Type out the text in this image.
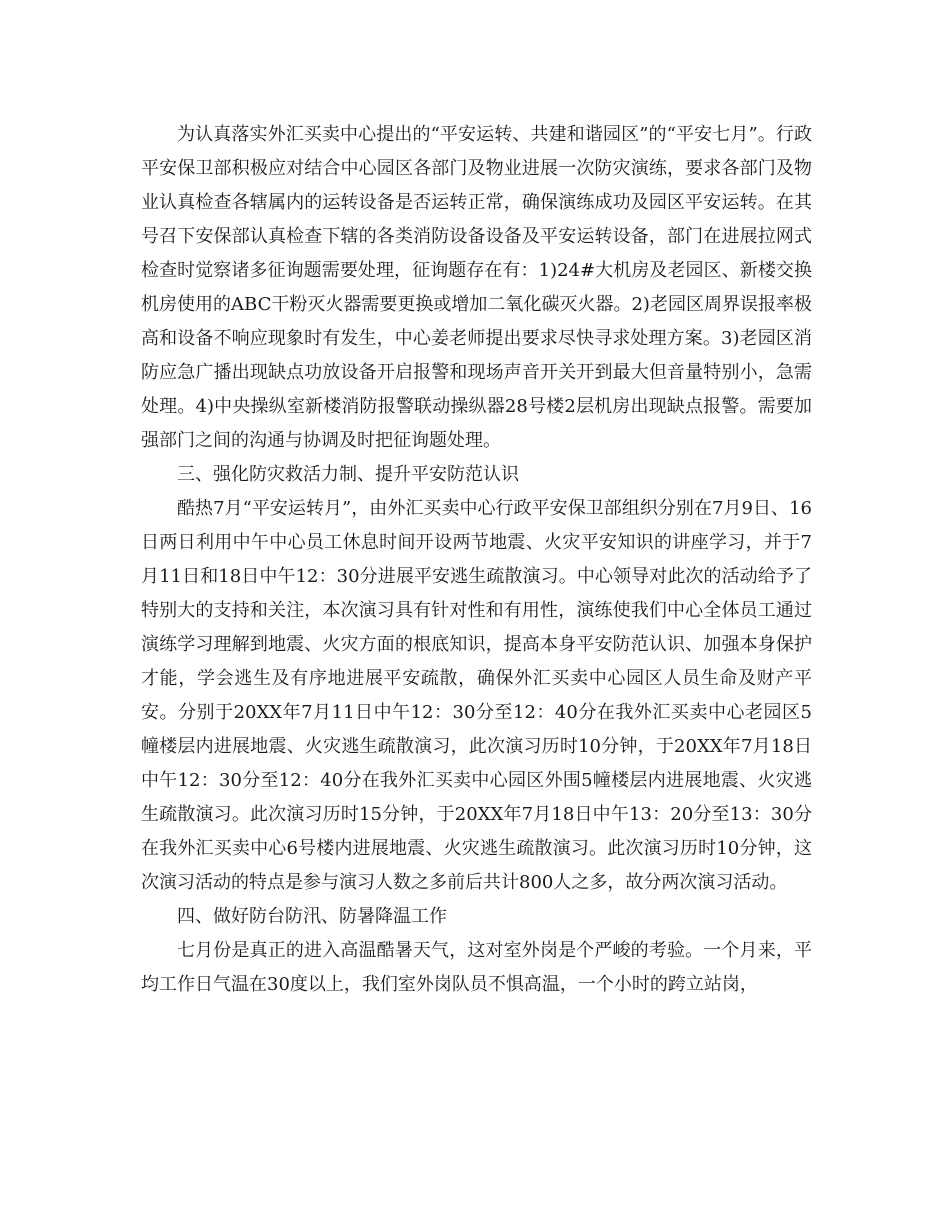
为认真落实外汇买卖中心提出的“平安运转、共建和谐园区”的“平安七月”。行政平安保卫部积极应对结合中心园区各部门及物业进展一次防灾演练，要求各部门及物业认真检查各辖属内的运转设备是否运转正常，确保演练成功及园区平安运转。在其号召下安保部认真检查下辖的各类消防设备设备及平安运转设备，部门在进展拉网式检查时觉察诸多征询题需要处理，征询题存在有：1)24#大机房及老园区、新楼交换机房使用的ABC干粉灭火器需要更换或增加二氧化碳灭火器。2)老园区周界误报率极高和设备不响应现象时有发生，中心姜老师提出要求尽快寻求处理方案。3)老园区消防应急广播出现缺点功放设备开启报警和现场声音开关开到最大但音量特别小，急需处理。4)中央操纵室新楼消防报警联动操纵器28号楼2层机房出现缺点报警。需要加强部门之间的沟通与协调及时把征询题处理。

三、强化防灾救活力制、提升平安防范认识

酷热7月“平安运转月”，由外汇买卖中心行政平安保卫部组织分别在7月9日、16日两日利用中午中心员工休息时间开设两节地震、火灾平安知识的讲座学习，并于7月11日和18日中午12：30分进展平安逃生疏散演习。中心领导对此次的活动给予了特别大的支持和关注，本次演习具有针对性和有用性，演练使我们中心全体员工通过演练学习理解到地震、火灾方面的根底知识，提高本身平安防范认识、加强本身保护才能，学会逃生及有序地进展平安疏散，确保外汇买卖中心园区人员生命及财产平安。分别于20XX年7月11日中午12：30分至12：40分在我外汇买卖中心老园区5幢楼层内进展地震、火灾逃生疏散演习，此次演习历时10分钟，于20XX年7月18日中午12：30分至12：40分在我外汇买卖中心园区外围5幢楼层内进展地震、火灾逃生疏散演习。此次演习历时15分钟，于20XX年7月18日中午13：20分至13：30分在我外汇买卖中心6号楼内进展地震、火灾逃生疏散演习。此次演习历时10分钟，这次演习活动的特点是参与演习人数之多前后共计800人之多，故分两次演习活动。

四、做好防台防汛、防暑降温工作

七月份是真正的进入高温酷暑天气，这对室外岗是个严峻的考验。一个月来，平均工作日气温在30度以上，我们室外岗队员不惧高温，一个小时的跨立站岗，
